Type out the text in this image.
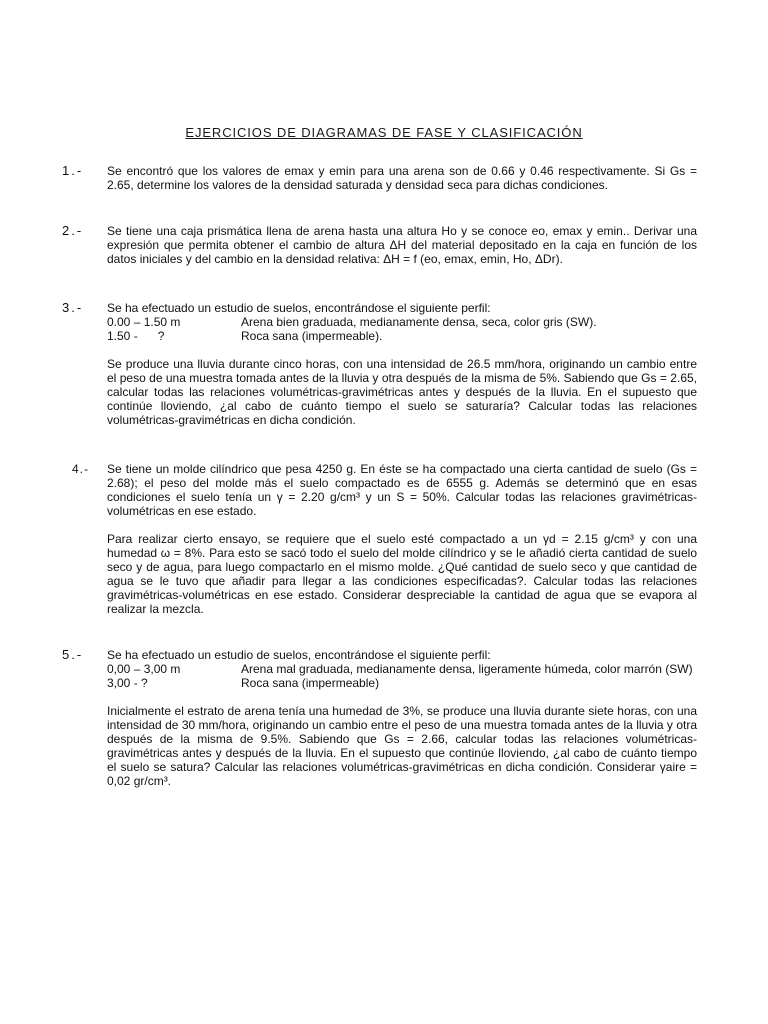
EJERCICIOS DE DIAGRAMAS DE FASE Y CLASIFICACIÓN
1.- Se encontró que los valores de emax y emin para una arena son de 0.66 y 0.46 respectivamente. Si Gs = 2.65, determine los valores de la densidad saturada y densidad seca para dichas condiciones.

2.- Se tiene una caja prismática llena de arena hasta una altura Ho y se conoce eo, emax y emin.. Derivar una expresión que permita obtener el cambio de altura ΔH del material depositado en la caja en función de los datos iniciales y del cambio en la densidad relativa: ΔH = f (eo, emax, emin, Ho, ΔDr).

3.- Se ha efectuado un estudio de suelos, encontrándose el siguiente perfil:

0.00 – 1.50 m	Arena bien graduada, medianamente densa, seca, color gris (SW).
1.50 -      ?	Roca sana (impermeable).

Se produce una lluvia durante cinco horas, con una intensidad de 26.5 mm/hora, originando un cambio entre el peso de una muestra tomada antes de la lluvia y otra después de la misma de 5%. Sabiendo que Gs = 2.65, calcular todas las relaciones volumétricas-gravimétricas antes y después de la lluvia. En el supuesto que continúe lloviendo, ¿al cabo de cuánto tiempo el suelo se saturaría? Calcular todas las relaciones volumétricas-gravimétricas en dicha condición.

4.- Se tiene un molde cilíndrico que pesa 4250 g. En éste se ha compactado una cierta cantidad de suelo (Gs = 2.68); el peso del molde más el suelo compactado es de 6555 g. Además se determinó que en esas condiciones el suelo tenía un γ = 2.20 g/cm³ y un S = 50%. Calcular todas las relaciones gravimétricas-volumétricas en ese estado.

Para realizar cierto ensayo, se requiere que el suelo esté compactado a un γd = 2.15 g/cm³ y con una humedad ω = 8%. Para esto se sacó todo el suelo del molde cilíndrico y se le añadió cierta cantidad de suelo seco y de agua, para luego compactarlo en el mismo molde. ¿Qué cantidad de suelo seco y que cantidad de agua se le tuvo que añadir para llegar a las condiciones especificadas?. Calcular todas las relaciones gravimétricas-volumétricas en ese estado. Considerar despreciable la cantidad de agua que se evapora al realizar la mezcla.

5.- Se ha efectuado un estudio de suelos, encontrándose el siguiente perfil:

0,00 – 3,00 m	Arena mal graduada, medianamente densa, ligeramente húmeda, color marrón (SW)
3,00 - ?	Roca sana (impermeable)

Inicialmente el estrato de arena tenía una humedad de 3%, se produce una lluvia durante siete horas, con una intensidad de 30 mm/hora, originando un cambio entre el peso de una muestra tomada antes de la lluvia y otra después de la misma de 9.5%. Sabiendo que Gs = 2.66, calcular todas las relaciones volumétricas-gravimétricas antes y después de la lluvia. En el supuesto que continúe lloviendo, ¿al cabo de cuánto tiempo el suelo se satura? Calcular las relaciones volumétricas-gravimétricas en dicha condición. Considerar γaire = 0,02 gr/cm³.
